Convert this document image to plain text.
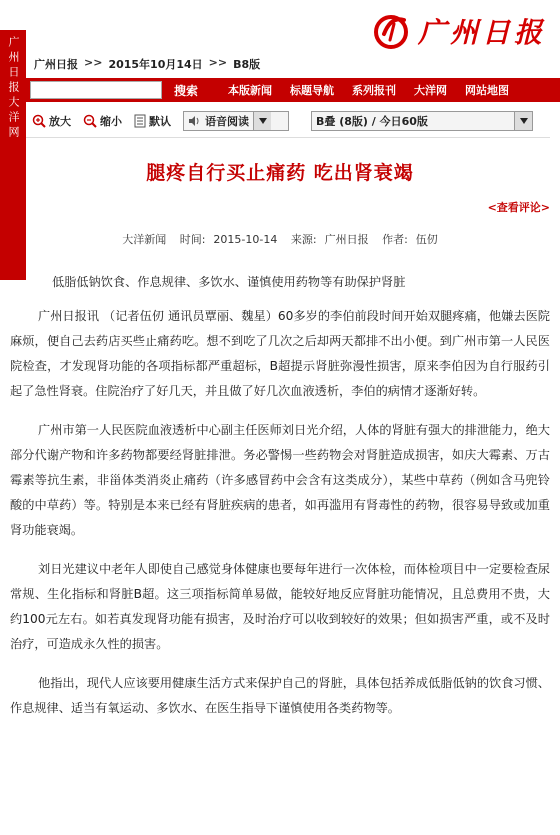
广州日报大洋网 广州日报 >> 2015年10月14日 >> B8版
广州日报
搜索	本版新闻 标题导航 系列报刊 大洋网 网站地图
放大	缩小 默认	语音阅读	B叠 (8版) / 今日60版
腿疼自行买止痛药 吃出肾衰竭
<查看评论>
大洋新闻 时间: 2015-10-14 来源: 广州日报 作者: 伍仞

低脂低钠饮食、作息规律、多饮水、谨慎使用药物等有助保护肾脏

广州日报讯 （记者伍仞 通讯员覃丽、魏星）60多岁的李伯前段时间开始双腿疼痛，他嫌去医院麻烦，便自己去药店买些止痛药吃。想不到吃了几次之后却两天都排不出小便。到广州市第一人民医院检查，才发现肾功能的各项指标都严重超标，B超提示肾脏弥漫性损害，原来李伯因为自行服药引起了急性肾衰。住院治疗了好几天，并且做了好几次血液透析，李伯的病情才逐渐好转。

广州市第一人民医院血液透析中心副主任医师刘日光介绍，人体的肾脏有强大的排泄能力，绝大部分代谢产物和许多药物都要经肾脏排泄。务必警惕一些药物会对肾脏造成损害，如庆大霉素、万古霉素等抗生素，非甾体类消炎止痛药（许多感冒药中会含有这类成分），某些中草药（例如含马兜铃酸的中草药）等。特别是本来已经有肾脏疾病的患者，如再滥用有肾毒性的药物，很容易导致或加重肾功能衰竭。

刘日光建议中老年人即使自己感觉身体健康也要每年进行一次体检，而体检项目中一定要检查尿常规、生化指标和肾脏B超。这三项指标简单易做，能较好地反应肾脏功能情况，且总费用不贵，大约100元左右。如若真发现肾功能有损害，及时治疗可以收到较好的效果；但如损害严重，或不及时治疗，可造成永久性的损害。

他指出，现代人应该要用健康生活方式来保护自己的肾脏，具体包括养成低脂低钠的饮食习惯、作息规律、适当有氧运动、多饮水、在医生指导下谨慎使用各类药物等。
